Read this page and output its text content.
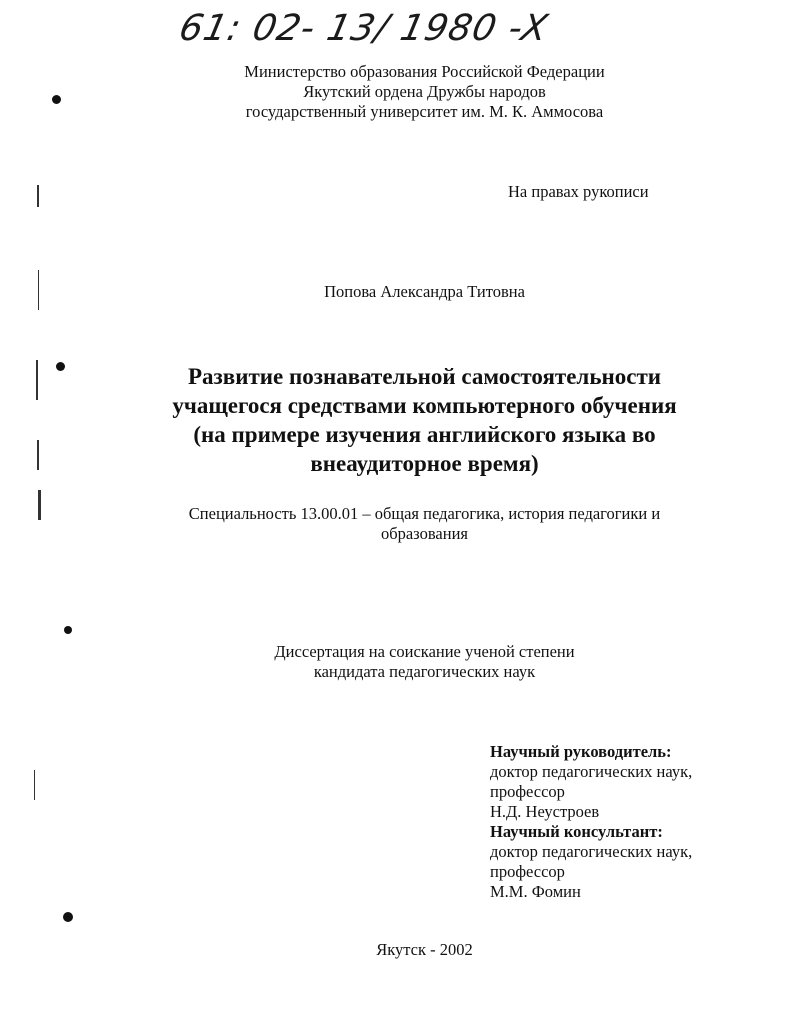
61: 02- 13/ 1980 -X
Министерство образования Российской Федерации
Якутский ордена Дружбы народов
государственный университет им. М. К. Аммосова
На правах рукописи
Попова Александра Титовна
Развитие познавательной самостоятельности
учащегося средствами компьютерного обучения
(на примере изучения английского языка во
внеаудиторное время)
Специальность 13.00.01 – общая педагогика, история педагогики и
образования
Диссертация на соискание ученой степени
кандидата педагогических наук
Научный руководитель:
доктор педагогических наук,
профессор
Н.Д. Неустроев
Научный консультант:
доктор педагогических наук,
профессор
М.М. Фомин
Якутск - 2002
